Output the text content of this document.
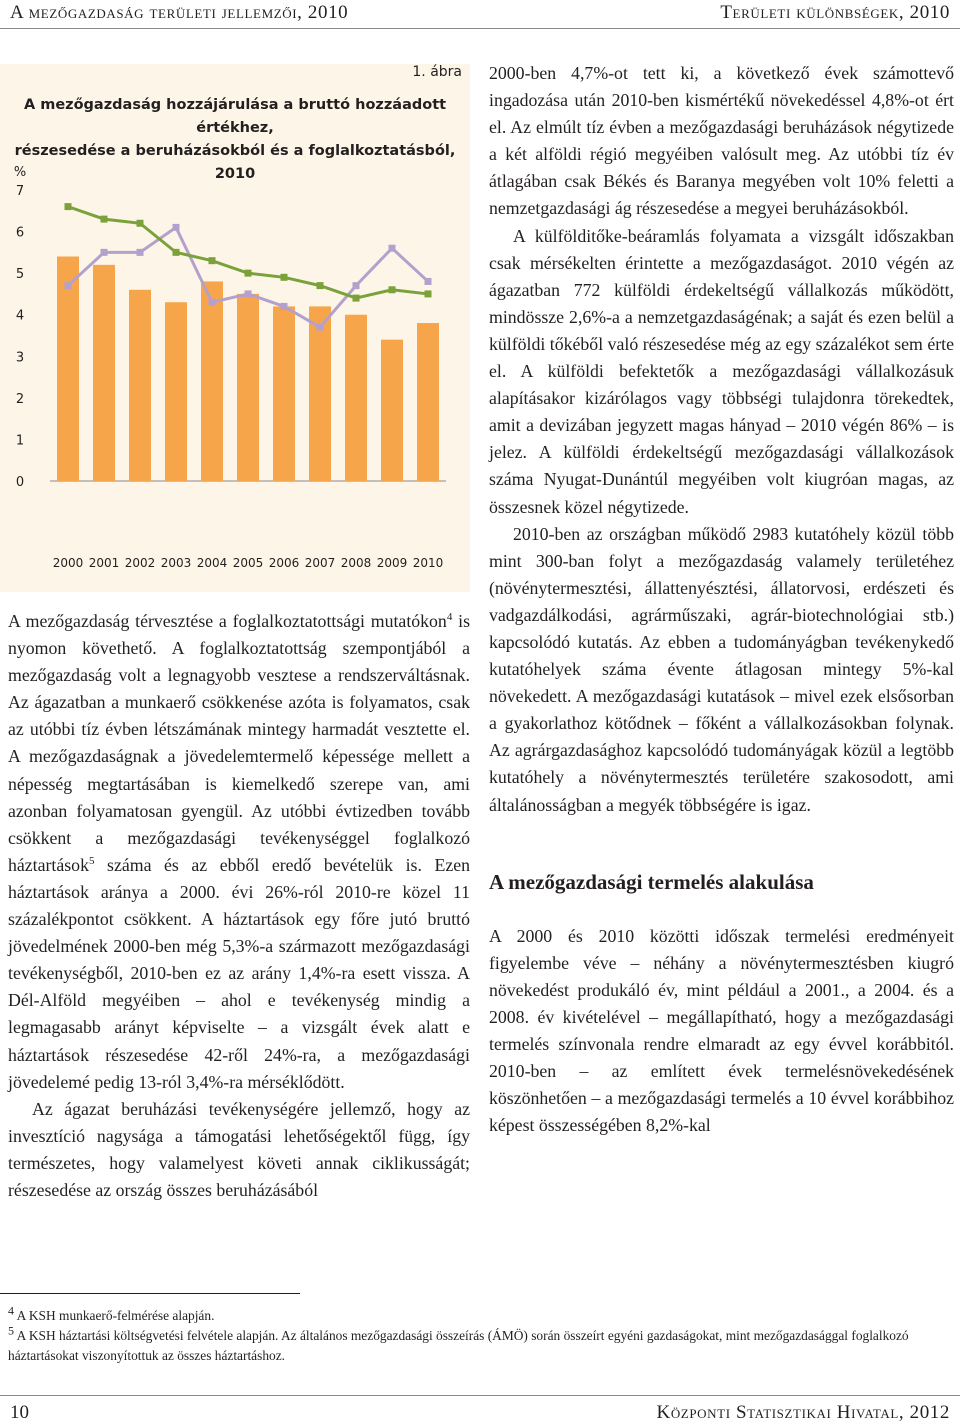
A mezőgazdaság területi jellemzői, 2010	Területi különbségek, 2010
1. ábra
A mezőgazdaság hozzájárulása a bruttó hozzáadott értékhez,
részesedése a beruházásokból és a foglalkoztatásból, 2010
%
0
1
2
3
4
5
6
7
2000 2001 2002 2003 2004 2005 2006 2007 2008 2009 2010

A mezőgazdaság térvesztése a foglalkoztatottsági mutatókon$^4$ is nyomon követhető. A foglalkoztatottság szempontjából a mezőgazdaság volt a legnagyobb vesztese a rendszerváltásnak. Az ágazatban a munkaerő csökkenése azóta is folyamatos, csak az utóbbi tíz évben létszámának mintegy harmadát vesztette el. A mezőgazdaságnak a jövedelemtermelő képessége mellett a népesség megtartásában is kiemelkedő szerepe van, ami azonban folyamatosan gyengül. Az utóbbi évtizedben tovább csökkent a mezőgazdasági tevékenységgel foglalkozó háztartások$^5$ száma és az ebből eredő bevételük is. Ezen háztartások aránya a 2000. évi 26%-ról 2010-re közel 11 százalékpontot csökkent. A háztartások egy főre jutó bruttó jövedelmének 2000-ben még 5,3%-a származott mezőgazdasági tevékenységből, 2010-ben ez az arány 1,4%-ra esett vissza. A Dél-Alföld megyéiben – ahol e tevékenység mindig a legmagasabb arányt képviselte – a vizsgált évek alatt e háztartások részesedése 42-ről 24%-ra, a mezőgazdasági jövedelemé pedig 13-ról 3,4%-ra mérséklődött.

Az ágazat beruházási tevékenységére jellemző, hogy az invesztíció nagysága a támogatási lehetőségektől függ, így természetes, hogy valamelyest követi annak ciklikusságát; részesedése az ország összes beruházásából

2000-ben 4,7%-ot tett ki, a következő évek számottevő ingadozása után 2010-ben kismértékű növekedéssel 4,8%-ot ért el. Az elmúlt tíz évben a mezőgazdasági beruházások négytizede a két alföldi régió megyéiben valósult meg. Az utóbbi tíz év átlagában csak Békés és Baranya megyében volt 10% feletti a nemzetgazdasági ág részesedése a megyei beruházásokból.

A külfölditőke-beáramlás folyamata a vizsgált időszakban csak mérsékelten érintette a mezőgazdaságot. 2010 végén az ágazatban 772 külföldi érdekeltségű vállalkozás működött, mindössze 2,6%-a a nemzetgazdaságénak; a saját és ezen belül a külföldi tőkéből való részesedése még az egy százalékot sem érte el. A külföldi befektetők a mezőgazdasági vállalkozásuk alapításakor kizárólagos vagy többségi tulajdonra törekedtek, amit a devizában jegyzett magas hányad – 2010 végén 86% – is jelez. A külföldi érdekeltségű mezőgazdasági vállalkozások száma Nyugat-Dunántúl megyéiben volt kiugróan magas, az összesnek közel négytizede.

2010-ben az országban működő 2983 kutatóhely közül több mint 300-ban folyt a mezőgazdaság valamely területéhez (növénytermesztési, állattenyésztési, állatorvosi, erdészeti és vadgazdálkodási, agrárműszaki, agrár-biotechnológiai stb.) kapcsolódó kutatás. Az ebben a tudományágban tevékenykedő kutatóhelyek száma évente átlagosan mintegy 5%-kal növekedett. A mezőgazdasági kutatások – mivel ezek elsősorban a gyakorlathoz kötődnek – főként a vállalkozásokban folynak. Az agrárgazdasághoz kapcsolódó tudományágak közül a legtöbb kutatóhely a növénytermesztés területére szakosodott, ami általánosságban a megyék többségére is igaz.

A mezőgazdasági termelés alakulása

A 2000 és 2010 közötti időszak termelési eredményeit figyelembe véve – néhány a növénytermesztésben kiugró növekedést produkáló év, mint például a 2001., a 2004. és a 2008. év kivételével – megállapítható, hogy a mezőgazdasági termelés színvonala rendre elmaradt az egy évvel korábbitól. 2010-ben – az említett évek termelésnövekedésének köszönhetően – a mezőgazdasági termelés a 10 évvel korábbihoz képest összességében 8,2%-kal

$^4$ A KSH munkaerő-felmérése alapján.

$^5$ A KSH háztartási költségvetési felvétele alapján. Az általános mezőgazdasági összeírás (ÁMÖ) során összeírt egyéni gazdaságokat, mint mezőgazdasággal foglalkozó háztartásokat viszonyítottuk az összes háztartáshoz.

10	Központi Statisztikai Hivatal, 2012
